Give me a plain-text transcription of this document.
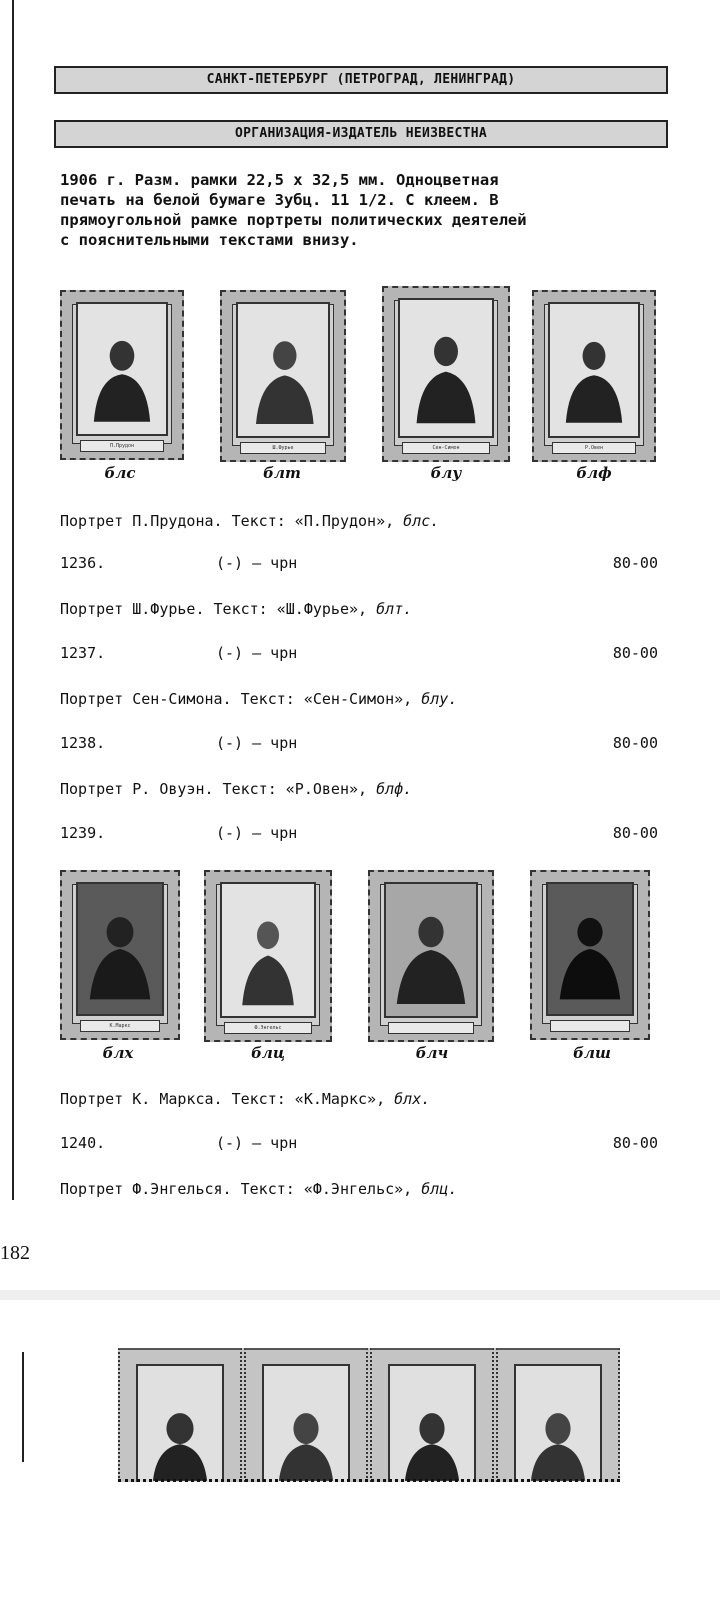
САНКТ-ПЕТЕРБУРГ (ПЕТРОГРАД, ЛЕНИНГРАД)
ОРГАНИЗАЦИЯ-ИЗДАТЕЛЬ НЕИЗВЕСТНА
1906 г. Разм. рамки 22,5 х 32,5 мм. Одноцветная
печать на белой бумаге Зубц. 11 1/2. С клеем. В
прямоугольной рамке портреты политических деятелей
с пояснительными текстами внизу.
П.Прудон	Ш.Фурье	Сен-Симон	Р.Овен
блс	блт	блу	блф
Портрет П.Прудона. Текст: «П.Прудон», блс.
1236.	(-) – чрн	80-00
Портрет Ш.Фурье. Текст: «Ш.Фурье», блт.
1237.	(-) – чрн	80-00
Портрет Сен-Симона. Текст: «Сен-Симон», блу.
1238.	(-) – чрн	80-00
Портрет Р. Овуэн. Текст: «Р.Овен», блф.
1239.	(-) – чрн	80-00
К.Маркс	Ф.Энгельс
блх	блц	блч	блш
Портрет К. Маркса. Текст: «К.Маркс», блх.
1240.	(-) – чрн	80-00
Портрет Ф.Энгелься. Текст: «Ф.Энгельс», блц.
182
